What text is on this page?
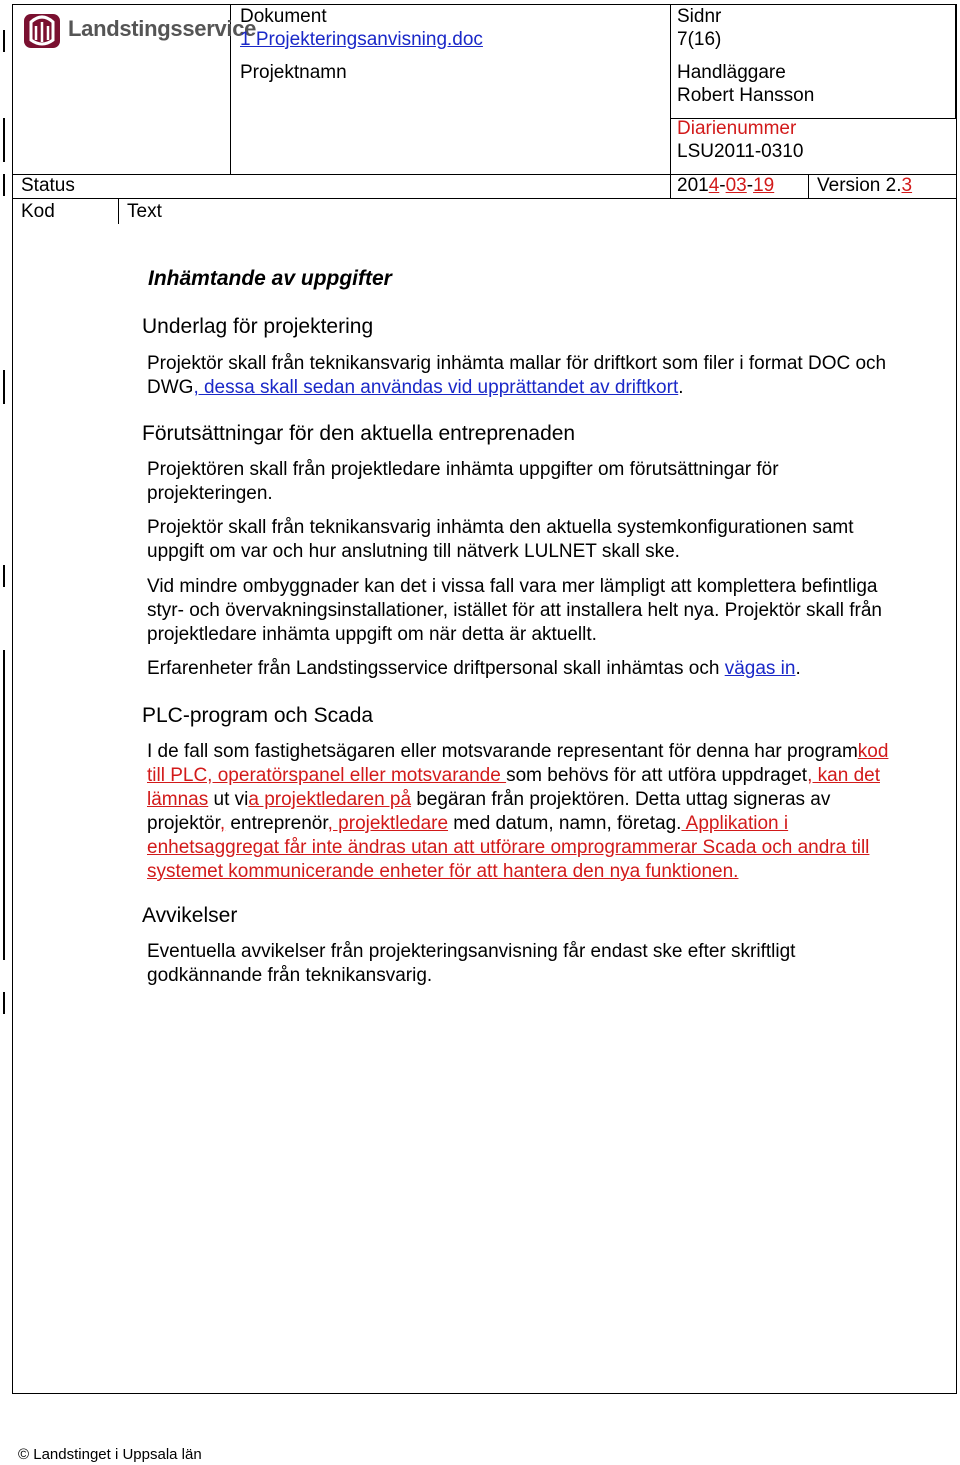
Landstingsservice
Dokument
1 Projekteringsanvisning.doc
Projektnamn
Sidnr
7(16)
Handläggare
Robert Hansson
Diarienummer
LSU2011-0310
Status	2014-03-19 Version 2.3
Kod	Text
Inhämtande av uppgifter
Underlag för projektering
Projektör skall från teknikansvarig inhämta mallar för driftkort som filer i format DOC och
DWG, dessa skall sedan användas vid upprättandet av driftkort.
Förutsättningar för den aktuella entreprenaden
Projektören skall från projektledare inhämta uppgifter om förutsättningar för
projekteringen.
Projektör skall från teknikansvarig inhämta den aktuella systemkonfigurationen samt
uppgift om var och hur anslutning till nätverk LULNET skall ske.
Vid mindre ombyggnader kan det i vissa fall vara mer lämpligt att komplettera befintliga
styr- och övervakningsinstallationer, istället för att installera helt nya. Projektör skall från
projektledare inhämta uppgift om när detta är aktuellt.
Erfarenheter från Landstingsservice driftpersonal skall inhämtas och vägas in.
PLC-program och Scada
I de fall som fastighetsägaren eller motsvarande representant för denna har programkod
till PLC, operatörspanel eller motsvarande som behövs för att utföra uppdraget, kan det
lämnas ut via projektledaren på begäran från projektören. Detta uttag signeras av
projektör, entreprenör, projektledare med datum, namn, företag. Applikation i
enhetsaggregat får inte ändras utan att utförare omprogrammerar Scada och andra till
systemet kommunicerande enheter för att hantera den nya funktionen.
Avvikelser
Eventuella avvikelser från projekteringsanvisning får endast ske efter skriftligt
godkännande från teknikansvarig.
© Landstinget i Uppsala län
